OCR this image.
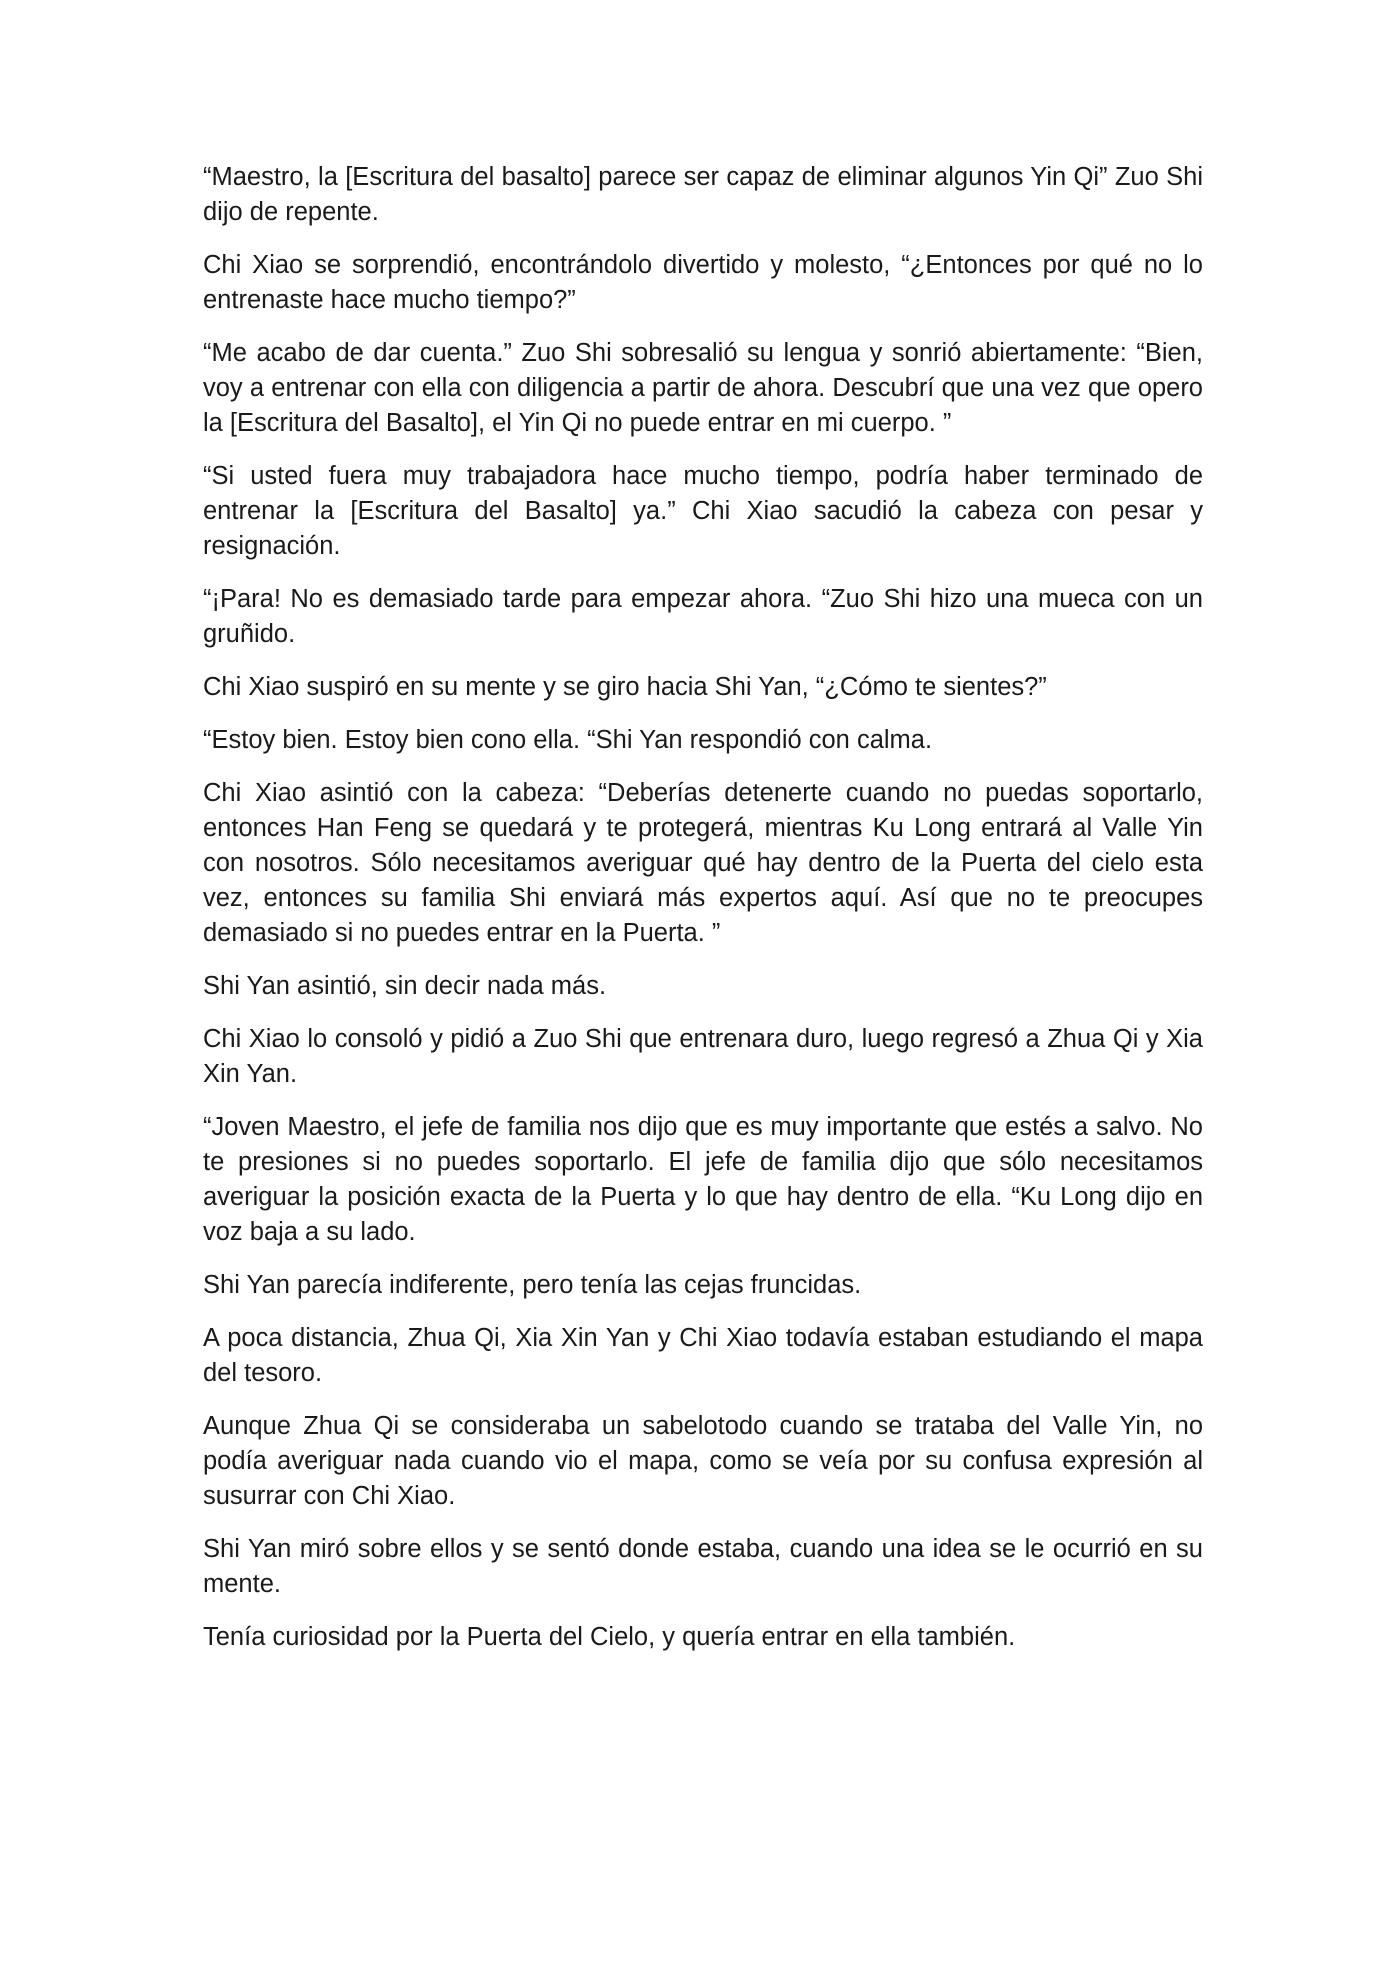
“Maestro, la [Escritura del basalto] parece ser capaz de eliminar algunos Yin Qi” Zuo Shi dijo de repente.

Chi Xiao se sorprendió, encontrándolo divertido y molesto, “¿Entonces por qué no lo entrenaste hace mucho tiempo?”

“Me acabo de dar cuenta.” Zuo Shi sobresalió su lengua y sonrió abiertamente: “Bien, voy a entrenar con ella con diligencia a partir de ahora. Descubrí que una vez que opero la [Escritura del Basalto], el Yin Qi no puede entrar en mi cuerpo. ”

“Si usted fuera muy trabajadora hace mucho tiempo, podría haber terminado de entrenar la [Escritura del Basalto] ya.” Chi Xiao sacudió la cabeza con pesar y resignación.

“¡Para! No es demasiado tarde para empezar ahora. “Zuo Shi hizo una mueca con un gruñido.

Chi Xiao suspiró en su mente y se giro hacia Shi Yan, “¿Cómo te sientes?”

“Estoy bien. Estoy bien cono ella. “Shi Yan respondió con calma.

Chi Xiao asintió con la cabeza: “Deberías detenerte cuando no puedas soportarlo, entonces Han Feng se quedará y te protegerá, mientras Ku Long entrará al Valle Yin con nosotros. Sólo necesitamos averiguar qué hay dentro de la Puerta del cielo esta vez, entonces su familia Shi enviará más expertos aquí. Así que no te preocupes demasiado si no puedes entrar en la Puerta. ”

Shi Yan asintió, sin decir nada más.

Chi Xiao lo consoló y pidió a Zuo Shi que entrenara duro, luego regresó a Zhua Qi y Xia Xin Yan.

“Joven Maestro, el jefe de familia nos dijo que es muy importante que estés a salvo. No te presiones si no puedes soportarlo. El jefe de familia dijo que sólo necesitamos averiguar la posición exacta de la Puerta y lo que hay dentro de ella. “Ku Long dijo en voz baja a su lado.

Shi Yan parecía indiferente, pero tenía las cejas fruncidas.

A poca distancia, Zhua Qi, Xia Xin Yan y Chi Xiao todavía estaban estudiando el mapa del tesoro.

Aunque Zhua Qi se consideraba un sabelotodo cuando se trataba del Valle Yin, no podía averiguar nada cuando vio el mapa, como se veía por su confusa expresión al susurrar con Chi Xiao.

Shi Yan miró sobre ellos y se sentó donde estaba, cuando una idea se le ocurrió en su mente.

Tenía curiosidad por la Puerta del Cielo, y quería entrar en ella también.
